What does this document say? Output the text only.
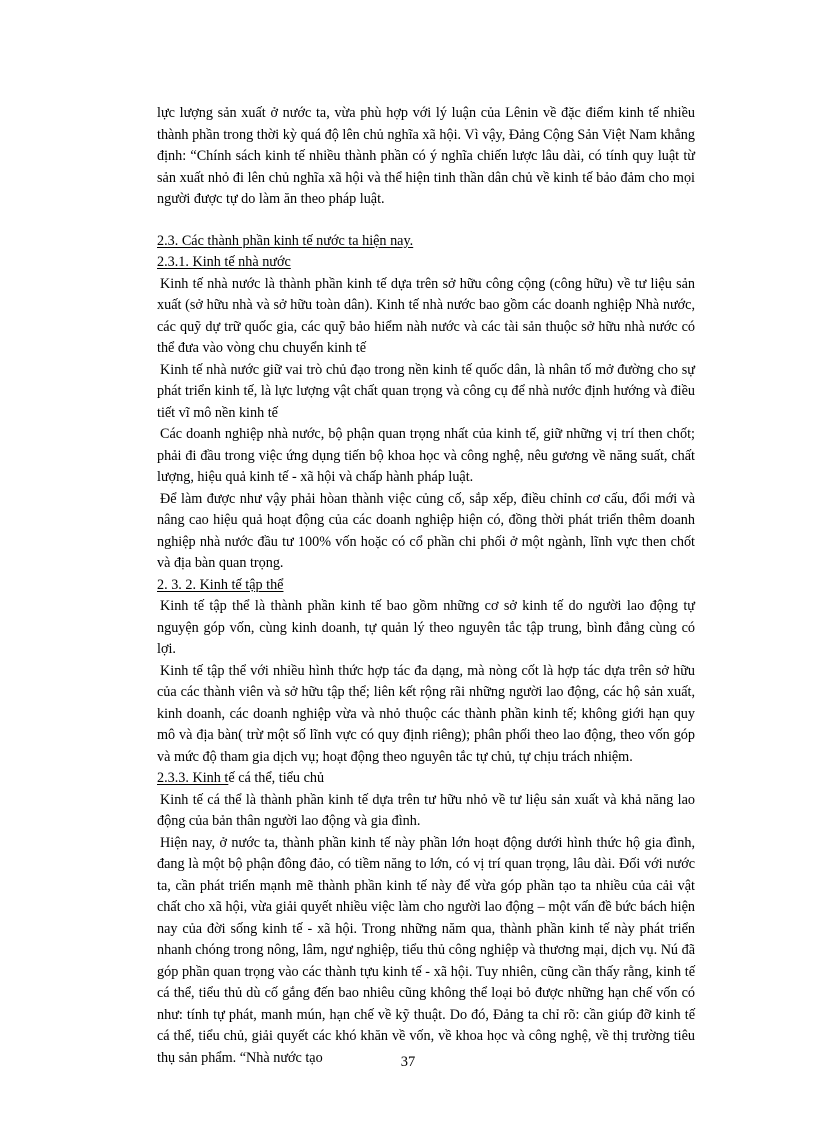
lực lượng sản xuất ở nước ta, vừa phù hợp với lý luận của Lênin về đặc điểm kinh tế nhiều thành phần trong thời kỳ quá độ lên chủ nghĩa xã hội. Vì vậy, Đảng Cộng Sản Việt Nam khẳng định: “Chính sách kinh tế nhiều thành phần có ý nghĩa chiến lược lâu dài, có tính quy luật từ sản xuất nhỏ đi lên chủ nghĩa xã hội và thể hiện tinh thần dân chủ về kinh tế bảo đảm cho mọi người được tự do làm ăn theo pháp luật.

2.3. Các thành phần kinh tế nước ta hiện nay.

2.3.1. Kinh tế nhà nước

Kinh tế nhà nước là thành phần kinh tế dựa trên sở hữu công cộng (công hữu) về tư liệu sản xuất (sở hữu nhà và sở hữu toàn dân). Kinh tế nhà nước bao gồm các doanh nghiệp Nhà nước, các quỹ dự trữ quốc gia, các quỹ bảo hiểm nàh nước và các tài sản thuộc sở hữu nhà nước có thể đưa vào vòng chu chuyển kinh tế

Kinh tế nhà nước giữ vai trò chủ đạo trong nền kinh tế quốc dân, là nhân tố mở đường cho sự phát triển kinh tế, là lực lượng vật chất quan trọng và công cụ để nhà nước định hướng và điều tiết vĩ mô nền kinh tế

Các doanh nghiệp nhà nước, bộ phận quan trọng nhất của kinh tế, giữ những vị trí then chốt; phải đi đầu trong việc ứng dụng tiến bộ khoa học và công nghệ, nêu gương về năng suất, chất lượng, hiệu quả kinh tế - xã hội và chấp hành pháp luật.

Để làm được như vậy phải hòan thành việc củng cố, sắp xếp, điều chỉnh cơ cấu, đổi mới và nâng cao hiệu quả hoạt động của các doanh nghiệp hiện có, đồng thời phát triển thêm doanh nghiệp nhà nước đầu tư 100% vốn hoặc có cổ phần chi phối ở một ngành, lĩnh vực then chốt và địa bàn quan trọng.

2. 3. 2. Kinh tế tập thể

Kinh tế tập thể là thành phần kinh tế bao gồm những cơ sở kinh tế do người lao động tự nguyện góp vốn, cùng kinh doanh, tự quản lý theo nguyên tắc tập trung, bình đẳng cùng có lợi.

Kinh tế tập thể với nhiều hình thức hợp tác đa dạng, mà nòng cốt là hợp tác dựa trên sở hữu của các thành viên và sở hữu tập thể; liên kết rộng rãi những người lao động, các hộ sản xuất, kinh doanh, các doanh nghiệp vừa và nhỏ thuộc các thành phần kinh tế; không giới hạn quy mô và địa bàn( trừ một số lĩnh vực có quy định riêng); phân phối theo lao động, theo vốn góp và mức độ tham gia dịch vụ; hoạt động theo nguyên tắc tự chủ, tự chịu trách nhiệm.

2.3.3. Kinh tế cá thể, tiểu chủ

Kinh tế cá thể là thành phần kinh tế dựa trên tư hữu nhỏ về tư liệu sản xuất và khả năng lao động của bản thân người lao động và gia đình.

Hiện nay, ở nước ta, thành phần kinh tế này phần lớn hoạt động dưới hình thức hộ gia đình, đang là một bộ phận đông đảo, có tiềm năng to lớn, có vị trí quan trọng, lâu dài. Đối với nước ta, cần phát triển mạnh mẽ thành phần kinh tế này để vừa góp phần tạo ta nhiều của cải vật chất cho xã hội, vừa giải quyết nhiều việc làm cho người lao động – một vấn đề bức bách hiện nay của đời sống kinh tế - xã hội. Trong những năm qua, thành phần kinh tế này phát triển nhanh chóng trong nông, lâm, ngư nghiệp, tiểu thủ công nghiệp và thương mại, dịch vụ. Nú đã góp phần quan trọng vào các thành tựu kinh tế - xã hội. Tuy nhiên, cũng cần thấy rằng, kinh tế cá thể, tiểu thủ dù cố gắng đến bao nhiêu cũng không thể loại bỏ được những hạn chế vốn có như: tính tự phát, manh mún, hạn chế về kỹ thuật. Do đó, Đảng ta chỉ rõ: cần giúp đỡ kinh tế cá thể, tiểu chủ, giải quyết các khó khăn về vốn, về khoa học và công nghệ, về thị trường tiêu thụ sản phẩm. “Nhà nước tạo	37
